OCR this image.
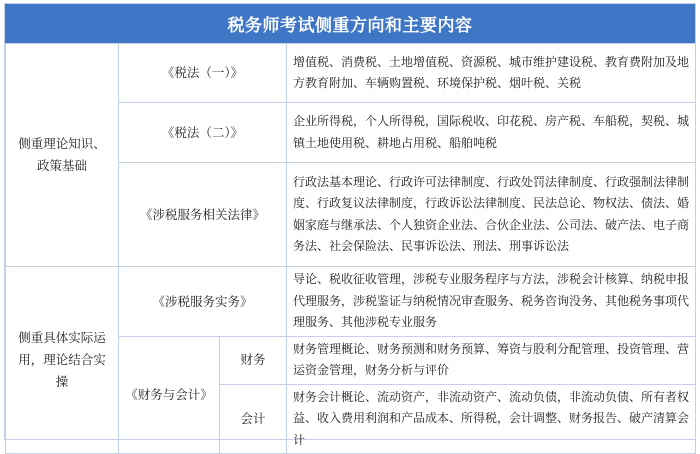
税务师考试侧重方向和主要内容
侧重理论知识、政策基础	《税法（一）》		增值税、消费税、土地增值税、资源税、城市维护建设税、教育费附加及地方教育附加、车辆购置税、环境保护税、烟叶税、关税
	《税法（二）》		企业所得税，个人所得税，国际税收、印花税、房产税、车船税，契税、城镇土地使用税、耕地占用税、船舶吨税
	《涉税服务相关法律》		行政法基本理论、行政许可法律制度、行政处罚法律制度、行政强制法律制度、行政复议法律制度，行政诉讼法律制度、民法总论、物权法、债法、婚姻家庭与继承法、个人独资企业法、合伙企业法、公司法、破产法、电子商务法、社会保险法、民事诉讼法、刑法、刑事诉讼法
侧重具体实际运用，理论结合实操	《涉税服务实务》		导论、税收征收管理，涉税专业服务程序与方法，涉税会计核算、纳税申报代理服务，涉税鉴证与纳税情况审查服务、税务咨询没务、其他税务事项代理服务、其他涉税专业服务
	《财务与会计》	财务	财务管理概论、财务预测和财务预算、筹资与股利分配管理、投资管理、营运资金管理，财务分析与评价
		会计	财务会计概论、流动资产，非流动资产、流动负债，非流动负债、所有者权益、收入费用利润和产品成本、所得税，会计调整、财务报告、破产清算会计
